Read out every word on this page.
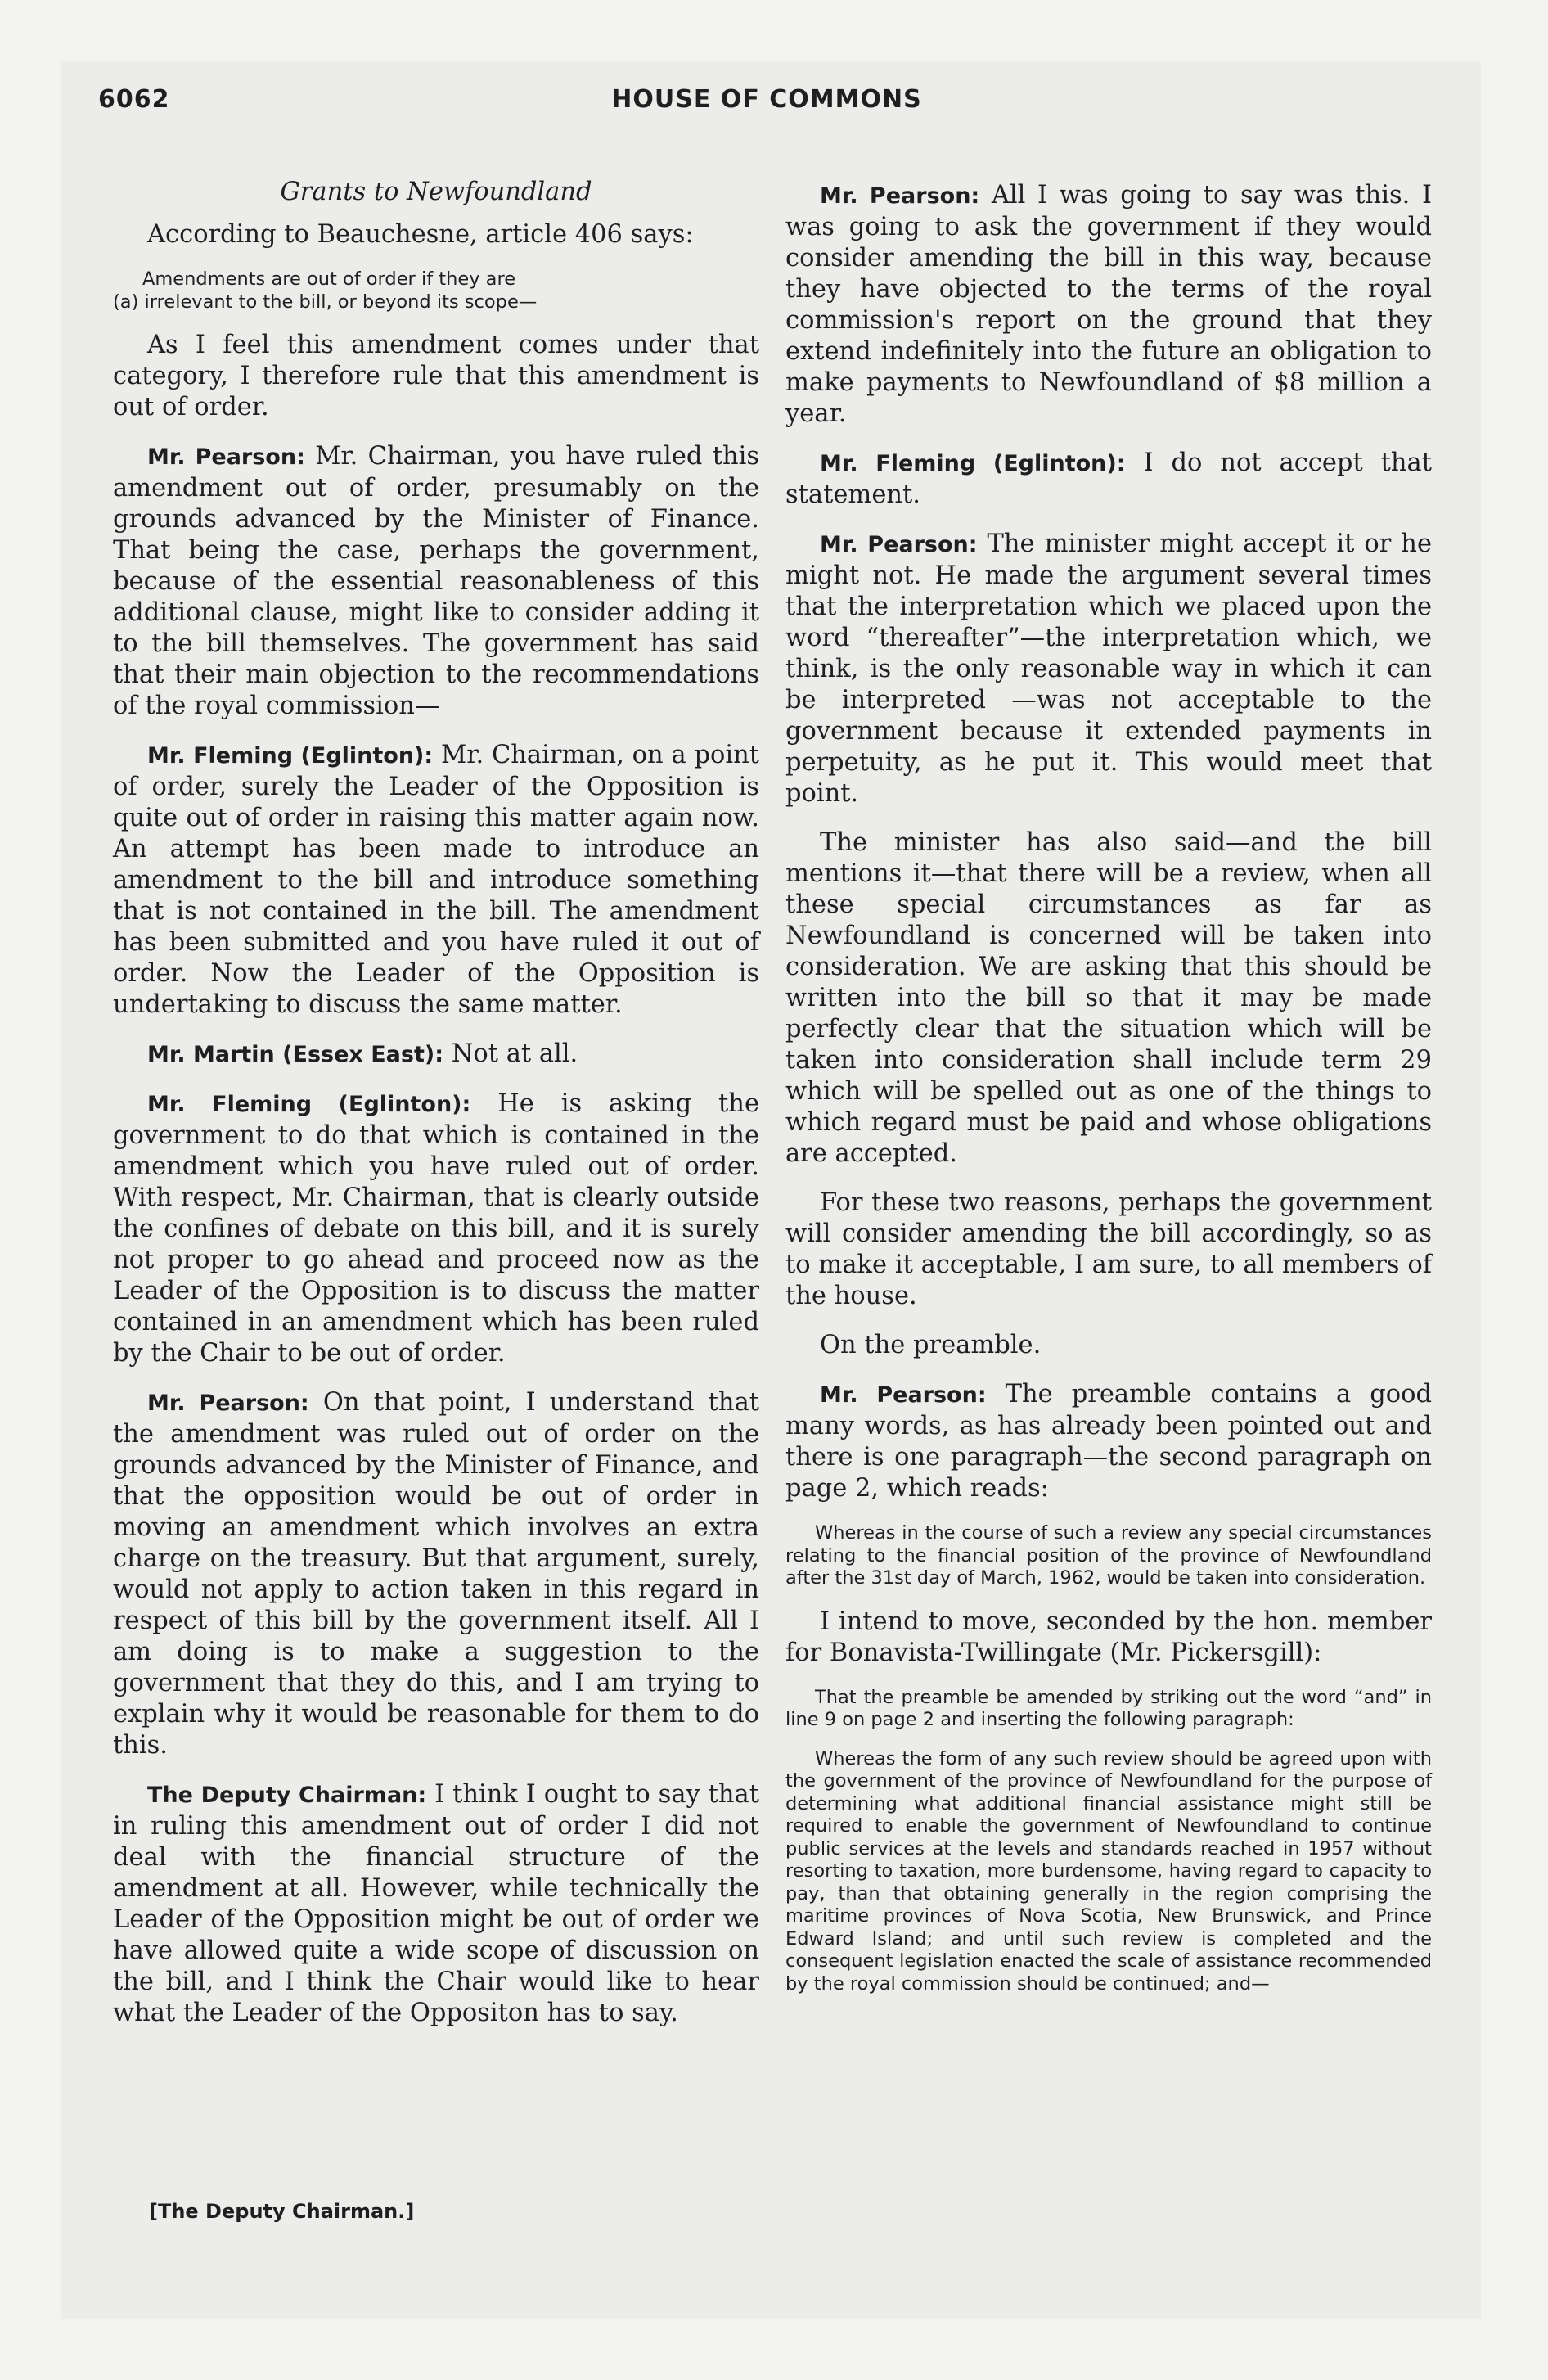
6062	HOUSE OF COMMONS
Grants to Newfoundland

According to Beauchesne, article 406 says:

Amendments are out of order if they are
(a) irrelevant to the bill, or beyond its scope—

As I feel this amendment comes under that category, I therefore rule that this amendment is out of order.

Mr. Pearson: Mr. Chairman, you have ruled this amendment out of order, presumably on the grounds advanced by the Minister of Finance. That being the case, perhaps the government, because of the essential reasonableness of this additional clause, might like to consider adding it to the bill themselves. The government has said that their main objection to the recommendations of the royal commission—

Mr. Fleming (Eglinton): Mr. Chairman, on a point of order, surely the Leader of the Opposition is quite out of order in raising this matter again now. An attempt has been made to introduce an amendment to the bill and introduce something that is not contained in the bill. The amendment has been submitted and you have ruled it out of order. Now the Leader of the Opposition is undertaking to discuss the same matter.

Mr. Martin (Essex East): Not at all.

Mr. Fleming (Eglinton): He is asking the government to do that which is contained in the amendment which you have ruled out of order. With respect, Mr. Chairman, that is clearly outside the confines of debate on this bill, and it is surely not proper to go ahead and proceed now as the Leader of the Opposition is to discuss the matter contained in an amendment which has been ruled by the Chair to be out of order.

Mr. Pearson: On that point, I understand that the amendment was ruled out of order on the grounds advanced by the Minister of Finance, and that the opposition would be out of order in moving an amendment which involves an extra charge on the treasury. But that argument, surely, would not apply to action taken in this regard in respect of this bill by the government itself. All I am doing is to make a suggestion to the government that they do this, and I am trying to explain why it would be reasonable for them to do this.

The Deputy Chairman: I think I ought to say that in ruling this amendment out of order I did not deal with the financial structure of the amendment at all. However, while technically the Leader of the Opposition might be out of order we have allowed quite a wide scope of discussion on the bill, and I think the Chair would like to hear what the Leader of the Oppositon has to say.

Mr. Pearson: All I was going to say was this. I was going to ask the government if they would consider amending the bill in this way, because they have objected to the terms of the royal commission's report on the ground that they extend indefinitely into the future an obligation to make payments to Newfoundland of $8 million a year.

Mr. Fleming (Eglinton): I do not accept that statement.

Mr. Pearson: The minister might accept it or he might not. He made the argument several times that the interpretation which we placed upon the word “thereafter”—the interpretation which, we think, is the only reasonable way in which it can be interpreted —was not acceptable to the government because it extended payments in perpetuity, as he put it. This would meet that point.

The minister has also said—and the bill mentions it—that there will be a review, when all these special circumstances as far as Newfoundland is concerned will be taken into consideration. We are asking that this should be written into the bill so that it may be made perfectly clear that the situation which will be taken into consideration shall include term 29 which will be spelled out as one of the things to which regard must be paid and whose obligations are accepted.

For these two reasons, perhaps the government will consider amending the bill accordingly, so as to make it acceptable, I am sure, to all members of the house.

On the preamble.

Mr. Pearson: The preamble contains a good many words, as has already been pointed out and there is one paragraph—the second paragraph on page 2, which reads:

Whereas in the course of such a review any special circumstances relating to the financial position of the province of Newfoundland after the 31st day of March, 1962, would be taken into consideration.

I intend to move, seconded by the hon. member for Bonavista-Twillingate (Mr. Pickersgill):

That the preamble be amended by striking out the word “and” in line 9 on page 2 and inserting the following paragraph:
Whereas the form of any such review should be agreed upon with the government of the province of Newfoundland for the purpose of determining what additional financial assistance might still be required to enable the government of Newfoundland to continue public services at the levels and standards reached in 1957 without resorting to taxation, more burdensome, having regard to capacity to pay, than that obtaining generally in the region comprising the maritime provinces of Nova Scotia, New Brunswick, and Prince Edward Island; and until such review is completed and the consequent legislation enacted the scale of assistance recommended by the royal commission should be continued; and—
[The Deputy Chairman.]
